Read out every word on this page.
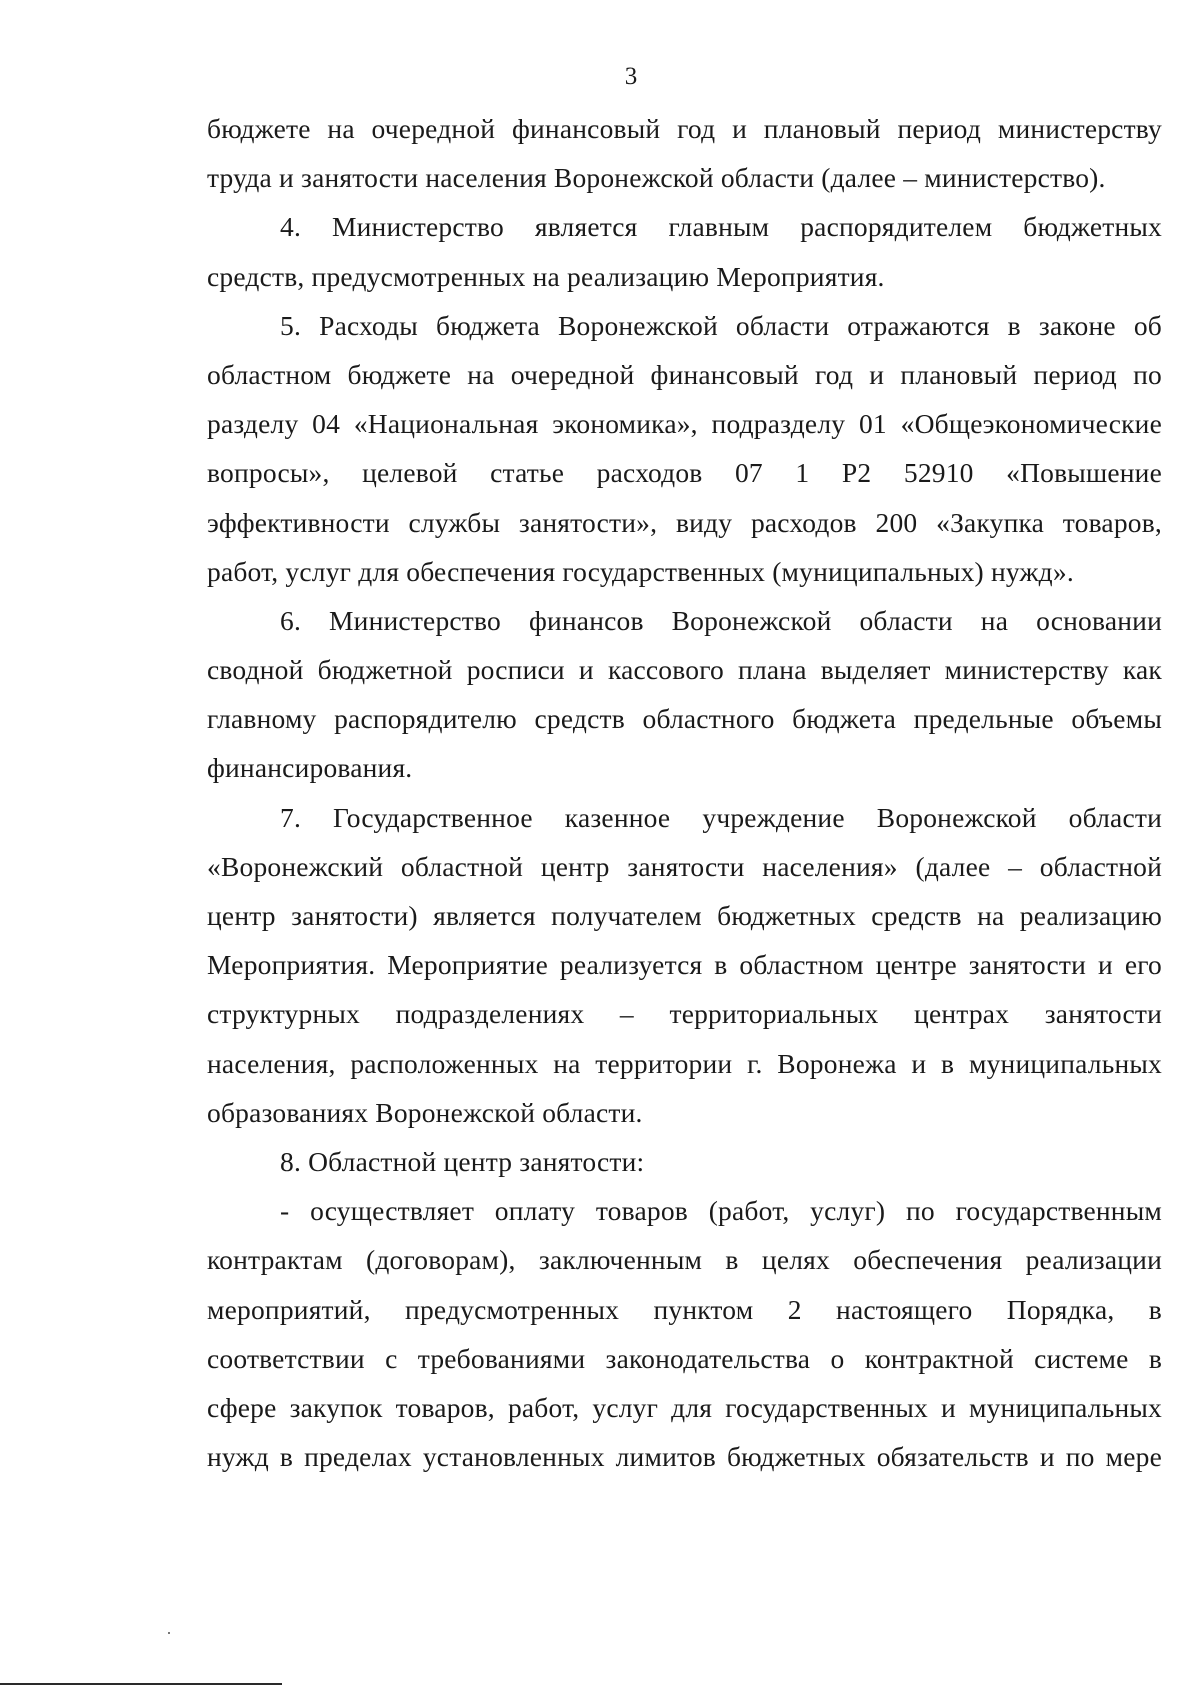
3
бюджете на очередной финансовый год и плановый период министерству
труда и занятости населения Воронежской области (далее – министерство).
4. Министерство является главным распорядителем бюджетных
средств, предусмотренных на реализацию Мероприятия.
5. Расходы бюджета Воронежской области отражаются в законе об
областном бюджете на очередной финансовый год и плановый период по
разделу 04 «Национальная экономика», подразделу 01 «Общеэкономические
вопросы», целевой статье расходов 07 1 Р2 52910 «Повышение
эффективности службы занятости», виду расходов 200 «Закупка товаров,
работ, услуг для обеспечения государственных (муниципальных) нужд».
6. Министерство финансов Воронежской области на основании
сводной бюджетной росписи и кассового плана выделяет министерству как
главному распорядителю средств областного бюджета предельные объемы
финансирования.
7. Государственное казенное учреждение Воронежской области
«Воронежский областной центр занятости населения» (далее – областной
центр занятости) является получателем бюджетных средств на реализацию
Мероприятия. Мероприятие реализуется в областном центре занятости и его
структурных подразделениях – территориальных центрах занятости
населения, расположенных на территории г. Воронежа и в муниципальных
образованиях Воронежской области.
8. Областной центр занятости:
- осуществляет оплату товаров (работ, услуг) по государственным
контрактам (договорам), заключенным в целях обеспечения реализации
мероприятий, предусмотренных пунктом 2 настоящего Порядка, в
соответствии с требованиями законодательства о контрактной системе в
сфере закупок товаров, работ, услуг для государственных и муниципальных
нужд в пределах установленных лимитов бюджетных обязательств и по мере
